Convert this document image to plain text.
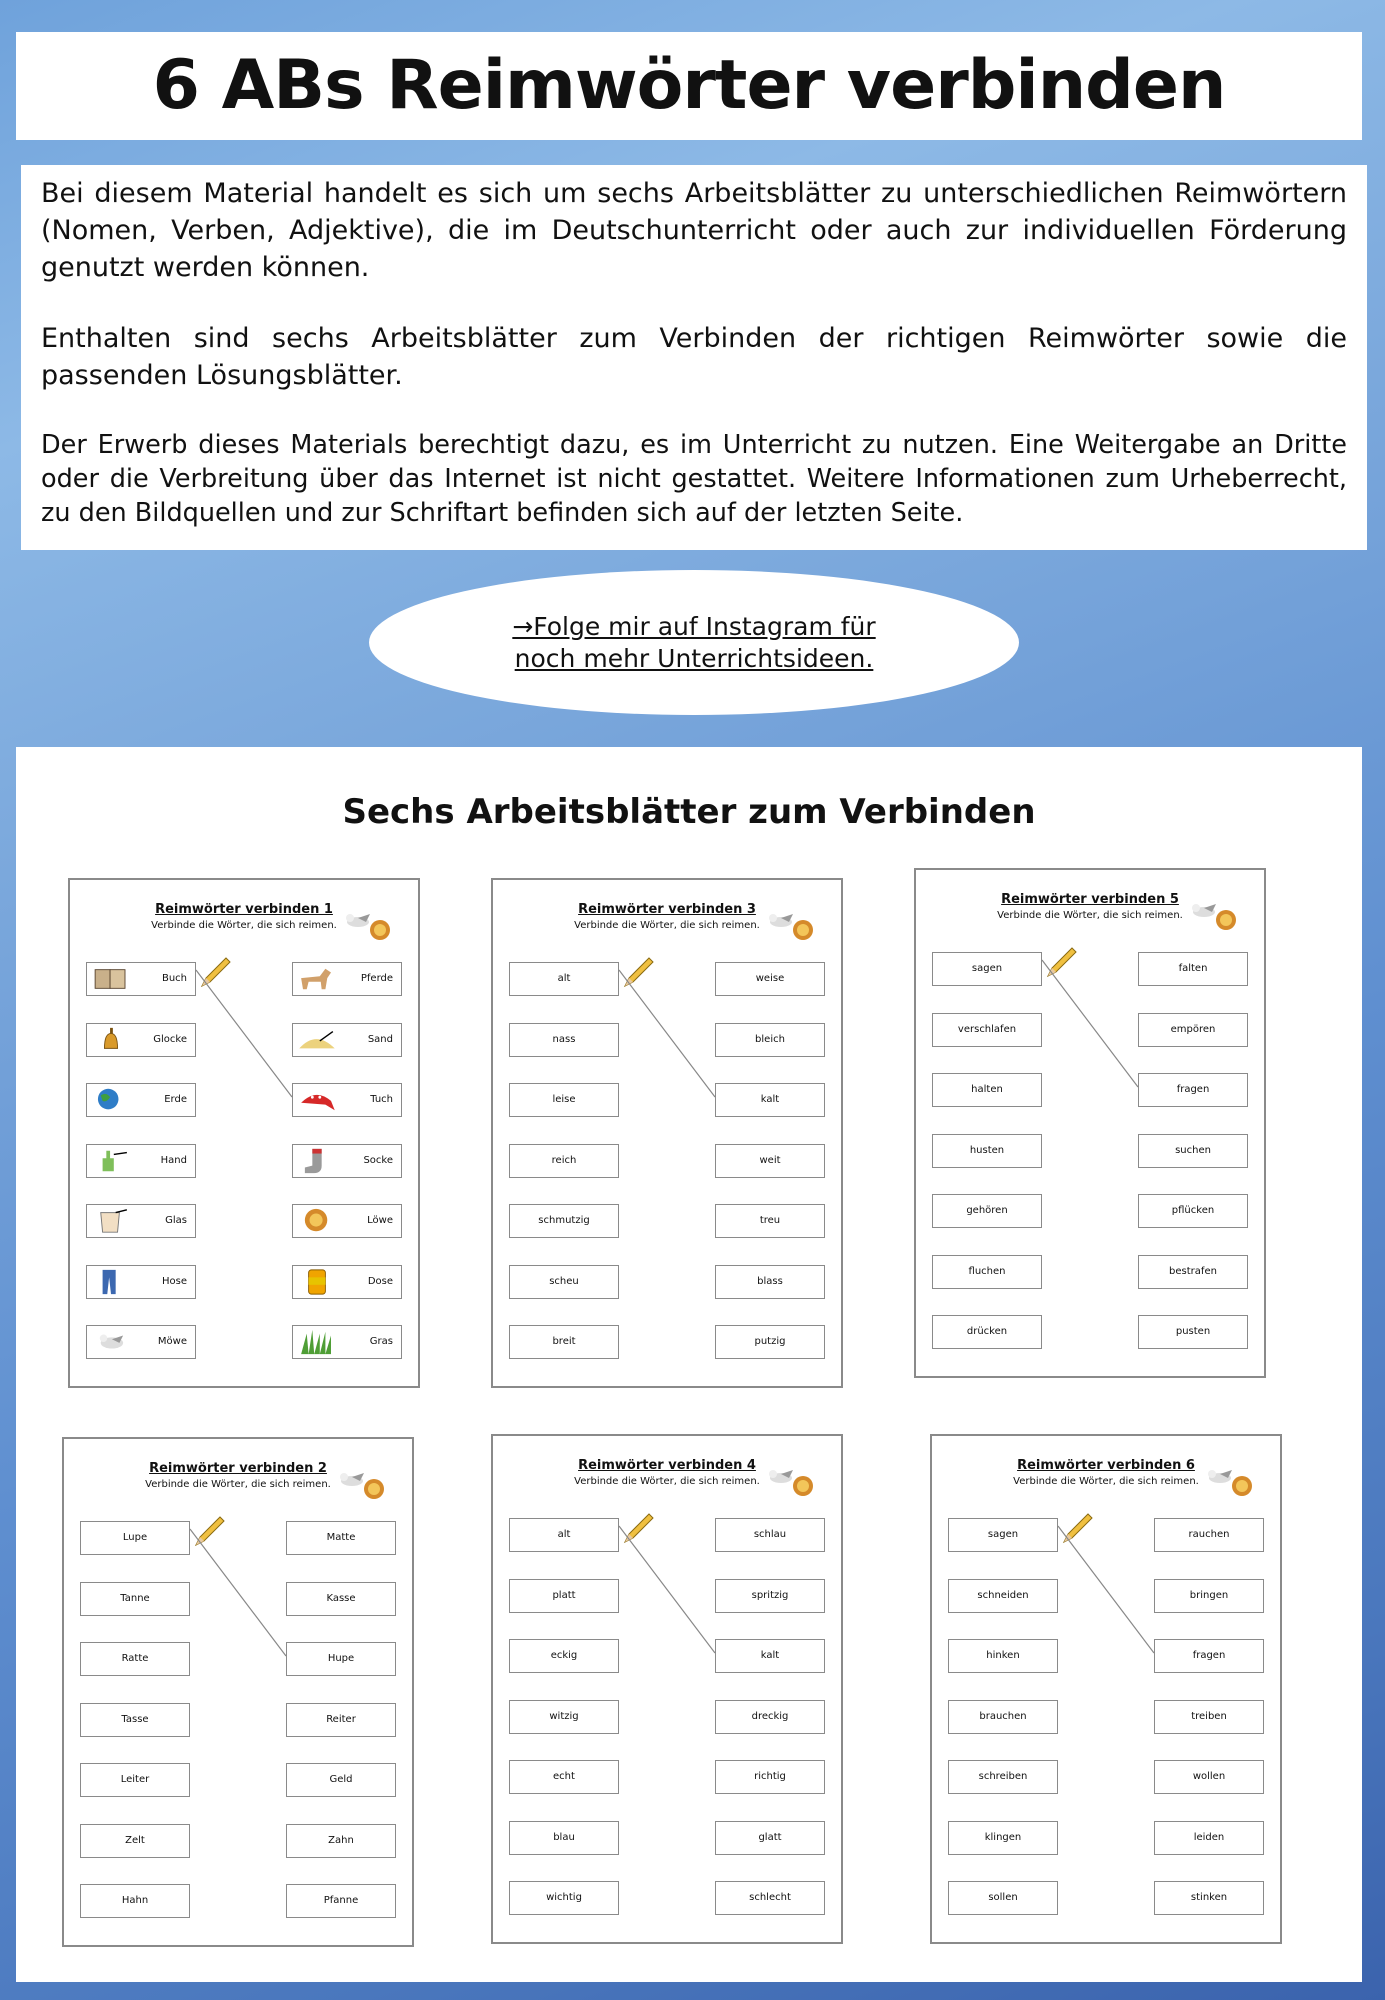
6 ABs Reimwörter verbinden

Bei diesem Material handelt es sich um sechs Arbeitsblätter zu unterschiedlichen Reimwörtern (Nomen, Verben, Adjektive), die im Deutschunterricht oder auch zur individuellen Förderung genutzt werden können.

Enthalten sind sechs Arbeitsblätter zum Verbinden der richtigen Reimwörter sowie die passenden Lösungsblätter.

Der Erwerb dieses Materials berechtigt dazu, es im Unterricht zu nutzen. Eine Weitergabe an Dritte oder die Verbreitung über das Internet ist nicht gestattet. Weitere Informationen zum Urheberrecht, zu den Bildquellen und zur Schriftart befinden sich auf der letzten Seite.

→Folge mir auf Instagram für
noch mehr Unterrichtsideen.
Sechs Arbeitsblätter zum Verbinden
Reimwörter verbinden 1
Verbinde die Wörter, die sich reimen.
Buch
Glocke
Erde
Hand
Glas
Hose
Möwe
Pferde
Sand
Tuch
Socke
Löwe
Dose
Gras
Reimwörter verbinden 3
Verbinde die Wörter, die sich reimen.
alt
nass
leise
reich
schmutzig
scheu
breit
weise
bleich
kalt
weit
treu
blass
putzig
Reimwörter verbinden 5
Verbinde die Wörter, die sich reimen.
sagen
verschlafen
halten
husten
gehören
fluchen
drücken
falten
empören
fragen
suchen
pflücken
bestrafen
pusten
Reimwörter verbinden 2
Verbinde die Wörter, die sich reimen.
Lupe
Tanne
Ratte
Tasse
Leiter
Zelt
Hahn
Matte
Kasse
Hupe
Reiter
Geld
Zahn
Pfanne
Reimwörter verbinden 4
Verbinde die Wörter, die sich reimen.
alt
platt
eckig
witzig
echt
blau
wichtig
schlau
spritzig
kalt
dreckig
richtig
glatt
schlecht
Reimwörter verbinden 6
Verbinde die Wörter, die sich reimen.
sagen
schneiden
hinken
brauchen
schreiben
klingen
sollen
rauchen
bringen
fragen
treiben
wollen
leiden
stinken
